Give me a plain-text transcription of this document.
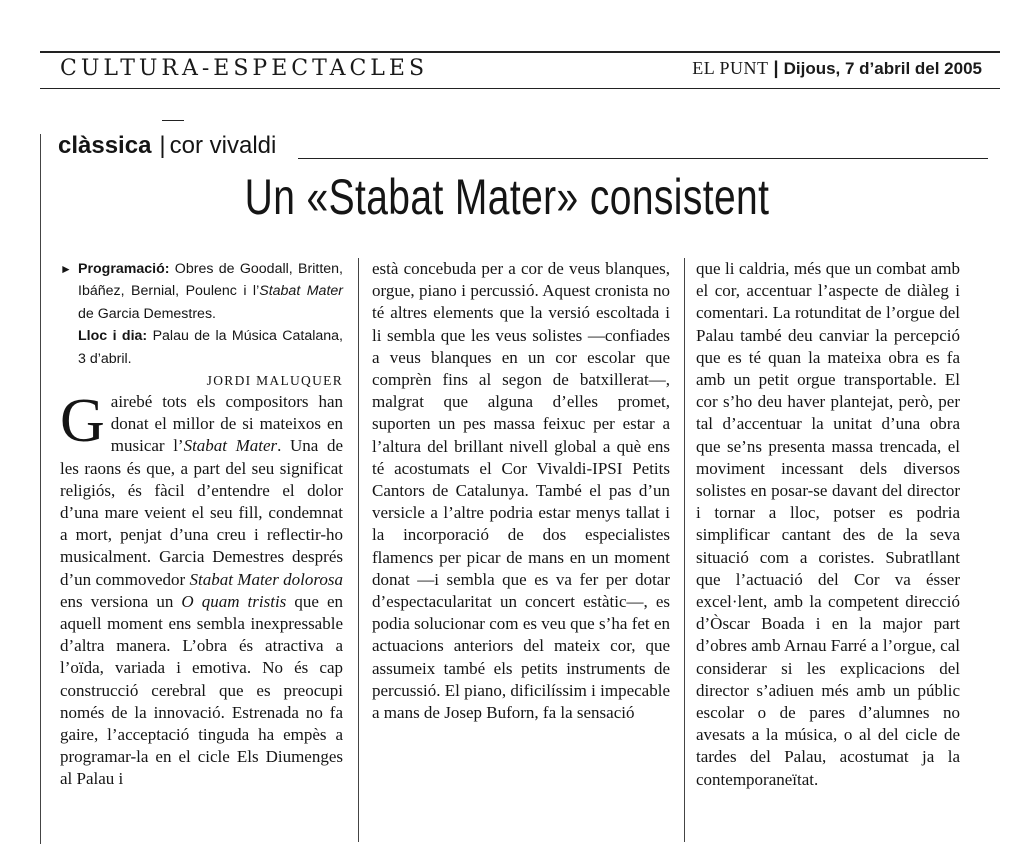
CULTURA-ESPECTACLES	EL PUNT | Dijous, 7 d’abril del 2005
clàssica | cor vivaldi
Un «Stabat Mater» consistent

► Programació: Obres de Goodall, Britten, Ibáñez, Bernial, Poulenc i l’Stabat Mater de Garcia Demestres.

Lloc i dia: Palau de la Música Catalana, 3 d’abril.

JORDI MALUQUER

Gairebé tots els compositors han donat el millor de si mateixos en musicar l’Stabat Mater. Una de les raons és que, a part del seu significat religiós, és fàcil d’entendre el dolor d’una mare veient el seu fill, condemnat a mort, penjat d’una creu i reflectir-ho musicalment. Garcia Demestres després d’un commovedor Stabat Mater dolorosa ens versiona un O quam tristis que en aquell moment ens sembla inexpressable d’altra manera. L’obra és atractiva a l’oïda, variada i emotiva. No és cap construcció cerebral que es preocupi només de la innovació. Estrenada no fa gaire, l’acceptació tinguda ha empès a programar-la en el cicle Els Diumenges al Palau i

està concebuda per a cor de veus blanques, orgue, piano i percussió. Aquest cronista no té altres elements que la versió escoltada i li sembla que les veus solistes —confiades a veus blanques en un cor escolar que comprèn fins al segon de batxillerat—, malgrat que alguna d’elles promet, suporten un pes massa feixuc per estar a l’altura del brillant nivell global a què ens té acostumats el Cor Vivaldi-IPSI Petits Cantors de Catalunya. També el pas d’un versicle a l’altre podria estar menys tallat i la incorporació de dos especialistes flamencs per picar de mans en un moment donat —i sembla que es va fer per dotar d’espectacularitat un concert estàtic—, es podia solucionar com es veu que s’ha fet en actuacions anteriors del mateix cor, que assumeix també els petits instruments de percussió. El piano, dificilíssim i impecable a mans de Josep Buforn, fa la sensació

que li caldria, més que un combat amb el cor, accentuar l’aspecte de diàleg i comentari. La rotunditat de l’orgue del Palau també deu canviar la percepció que es té quan la mateixa obra es fa amb un petit orgue transportable. El cor s’ho deu haver plantejat, però, per tal d’accentuar la unitat d’una obra que se’ns presenta massa trencada, el moviment incessant dels diversos solistes en posar-se davant del director i tornar a lloc, potser es podria simplificar cantant des de la seva situació com a coristes. Subratllant que l’actuació del Cor va ésser excel·lent, amb la competent direcció d’Òscar Boada i en la major part d’obres amb Arnau Farré a l’orgue, cal considerar si les explicacions del director s’adiuen més amb un públic escolar o de pares d’alumnes no avesats a la música, o al del cicle de tardes del Palau, acostumat ja la contemporaneïtat.
